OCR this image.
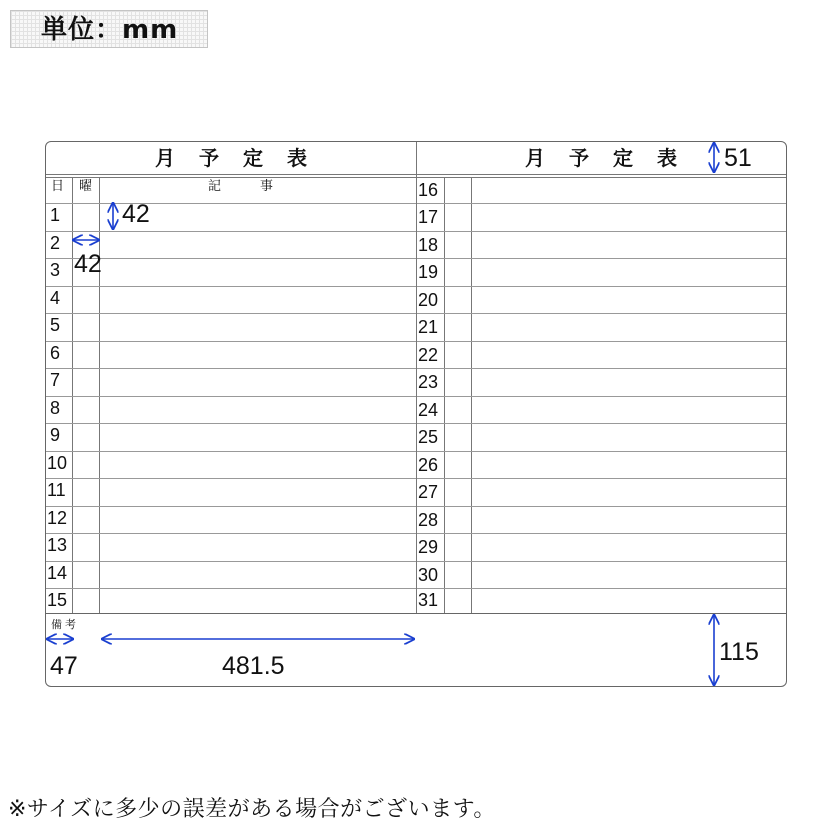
単位：mm
月予定表	月予定表
日 曜	記　　　事
1
2
3
4
5
6
7
8
9
10
11
12
13
14
15
16
17
18
19
20
21
22
23
24
25
26
27
28
29
30
31
備考
51
42
42
47	481.5	115
※サイズに多少の誤差がある場合がございます。
